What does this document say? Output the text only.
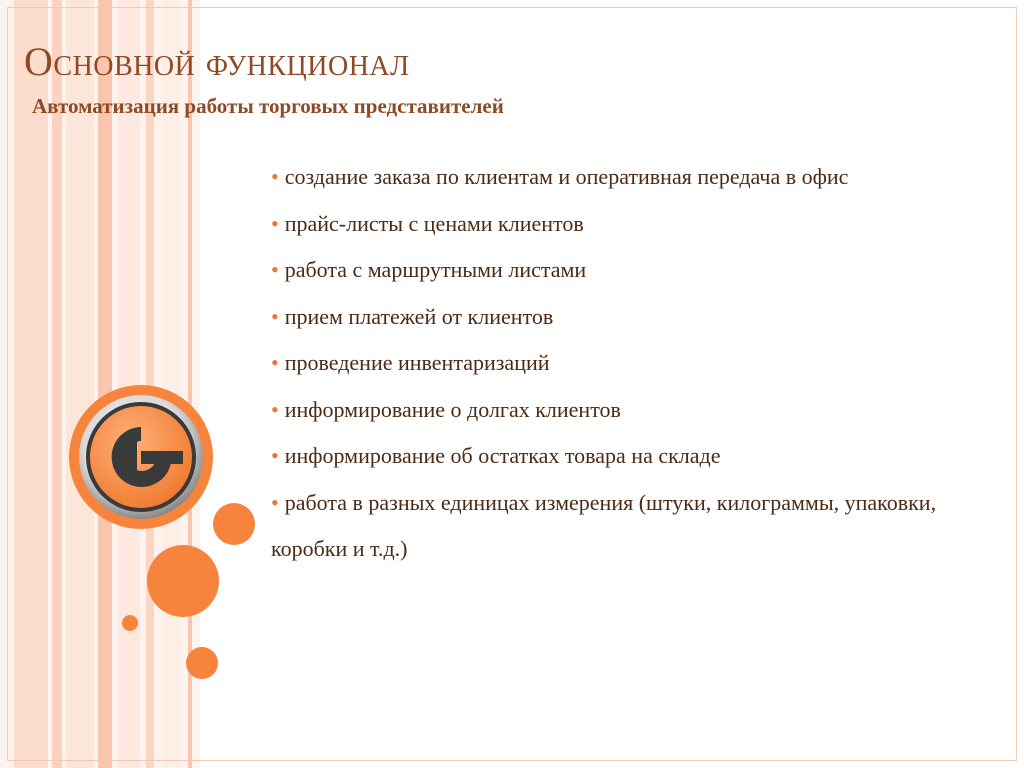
Основной функционал
Автоматизация работы торговых представителей
• создание заказа по клиентам и оперативная передача в офис
• прайс-листы с ценами клиентов
• работа с маршрутными листами
• прием платежей от клиентов
• проведение инвентаризаций
• информирование о долгах клиентов
• информирование об остатках товара на складе
• работа в разных единицах измерения (штуки, килограммы, упаковки, коробки и т.д.)
